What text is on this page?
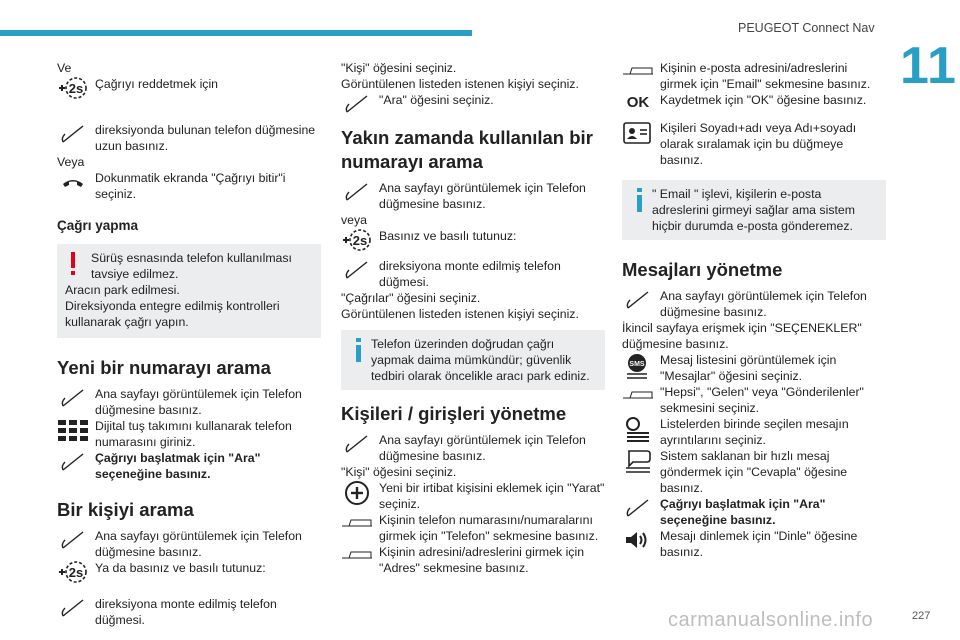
PEUGEOT Connect Nav
11

Ve

2s Çağrıyı reddetmek için

direksiyonda bulunan telefon düğmesine uzun basınız.

Veya

Dokunmatik ekranda "Çağrıyı bitir"i seçiniz.

Çağrı yapma

Sürüş esnasında telefon kullanılması tavsiye edilmez.

Aracın park edilmesi.

Direksiyonda entegre edilmiş kontrolleri kullanarak çağrı yapın.

Yeni bir numarayı arama

Ana sayfayı görüntülemek için Telefon düğmesine basınız.

Dijital tuş takımını kullanarak telefon numarasını giriniz.

Çağrıyı başlatmak için "Ara" seçeneğine basınız.

Bir kişiyi arama

Ana sayfayı görüntülemek için Telefon düğmesine basınız.

2s Ya da basınız ve basılı tutunuz:

direksiyona monte edilmiş telefon düğmesi.

"Kişi" öğesini seçiniz.

Görüntülenen listeden istenen kişiyi seçiniz.

"Ara" öğesini seçiniz.

Yakın zamanda kullanılan bir numarayı arama

Ana sayfayı görüntülemek için Telefon düğmesine basınız.

veya

2s Basınız ve basılı tutunuz:

direksiyona monte edilmiş telefon düğmesi.

"Çağrılar" öğesini seçiniz.

Görüntülenen listeden istenen kişiyi seçiniz.

Telefon üzerinden doğrudan çağrı yapmak daima mümkündür; güvenlik tedbiri olarak öncelikle aracı park ediniz.

Kişileri / girişleri yönetme

Ana sayfayı görüntülemek için Telefon düğmesine basınız.

"Kişi" öğesini seçiniz.

Yeni bir irtibat kişisini eklemek için "Yarat" seçiniz.

Kişinin telefon numarasını/numaralarını girmek için "Telefon" sekmesine basınız.

Kişinin adresini/adreslerini girmek için "Adres" sekmesine basınız.

Kişinin e-posta adresini/adreslerini girmek için "Email" sekmesine basınız.

OK Kaydetmek için "OK" öğesine basınız.

Kişileri Soyadı+adı veya Adı+soyadı olarak sıralamak için bu düğmeye basınız.

" Email " işlevi, kişilerin e-posta adreslerini girmeyi sağlar ama sistem hiçbir durumda e-posta gönderemez.

Mesajları yönetme

Ana sayfayı görüntülemek için Telefon düğmesine basınız.

İkincil sayfaya erişmek için "SEÇENEKLER" düğmesine basınız.

SMS Mesaj listesini görüntülemek için "Mesajlar" öğesini seçiniz.

"Hepsi", "Gelen" veya "Gönderilenler" sekmesini seçiniz.

Listelerden birinde seçilen mesajın ayrıntılarını seçiniz.

Sistem saklanan bir hızlı mesaj göndermek için "Cevapla" öğesine basınız.

Çağrıyı başlatmak için "Ara" seçeneğine basınız.

Mesajı dinlemek için "Dinle" öğesine basınız.

carmanualsonline.info	227
